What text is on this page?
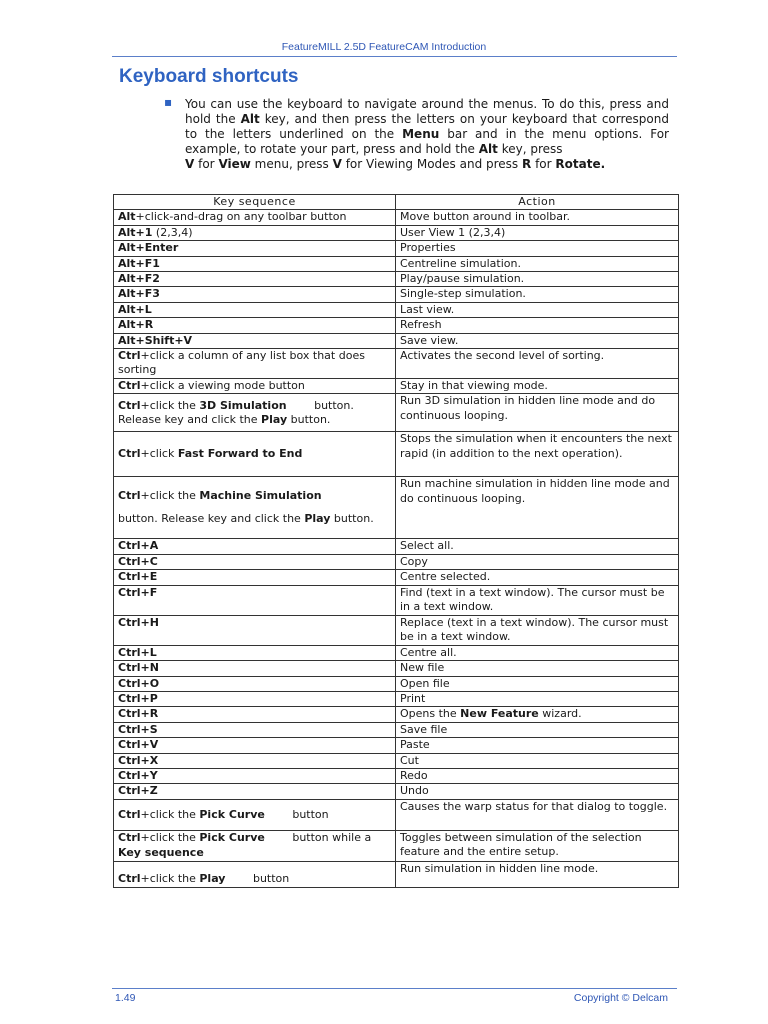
FeatureMILL 2.5D FeatureCAM Introduction
Keyboard shortcuts
▪ You can use the keyboard to navigate around the menus. To do this, press and hold the Alt key, and then press the letters on your keyboard that correspond to the letters underlined on the Menu bar and in the menu options. For example, to rotate your part, press and hold the Alt key, press
V for View menu, press V for Viewing Modes and press R for Rotate.
Key sequence	Action
Alt+click-and-drag on any toolbar button	Move button around in toolbar.
Alt+1 (2,3,4)	User View 1 (2,3,4)
Alt+Enter	Properties
Alt+F1	Centreline simulation.
Alt+F2	Play/pause simulation.
Alt+F3	Single-step simulation.
Alt+L	Last view.
Alt+R	Refresh
Alt+Shift+V	Save view.
Ctrl+click a column of any list box that does sorting	Activates the second level of sorting.
Ctrl+click a viewing mode button	Stay in that viewing mode.
Ctrl+click the 3D Simulation button. Release key and click the Play button.	Run 3D simulation in hidden line mode and do continuous looping.
Ctrl+click Fast Forward to End	Stops the simulation when it encounters the next rapid (in addition to the next operation).
Ctrl+click the Machine Simulation
button. Release key and click the Play button.	Run machine simulation in hidden line mode and do continuous looping.
Ctrl+A	Select all.
Ctrl+C	Copy
Ctrl+E	Centre selected.
Ctrl+F	Find (text in a text window). The cursor must be in a text window.
Ctrl+H	Replace (text in a text window). The cursor must be in a text window.
Ctrl+L	Centre all.
Ctrl+N	New file
Ctrl+O	Open file
Ctrl+P	Print
Ctrl+R	Opens the New Feature wizard.
Ctrl+S	Save file
Ctrl+V	Paste
Ctrl+X	Cut
Ctrl+Y	Redo
Ctrl+Z	Undo
Ctrl+click the Pick Curve button	Causes the warp status for that dialog to toggle.
Ctrl+click the Pick Curve button while a Key sequence	Toggles between simulation of the selection feature and the entire setup.
Ctrl+click the Play button	Run simulation in hidden line mode.
1.49	Copyright © Delcam
